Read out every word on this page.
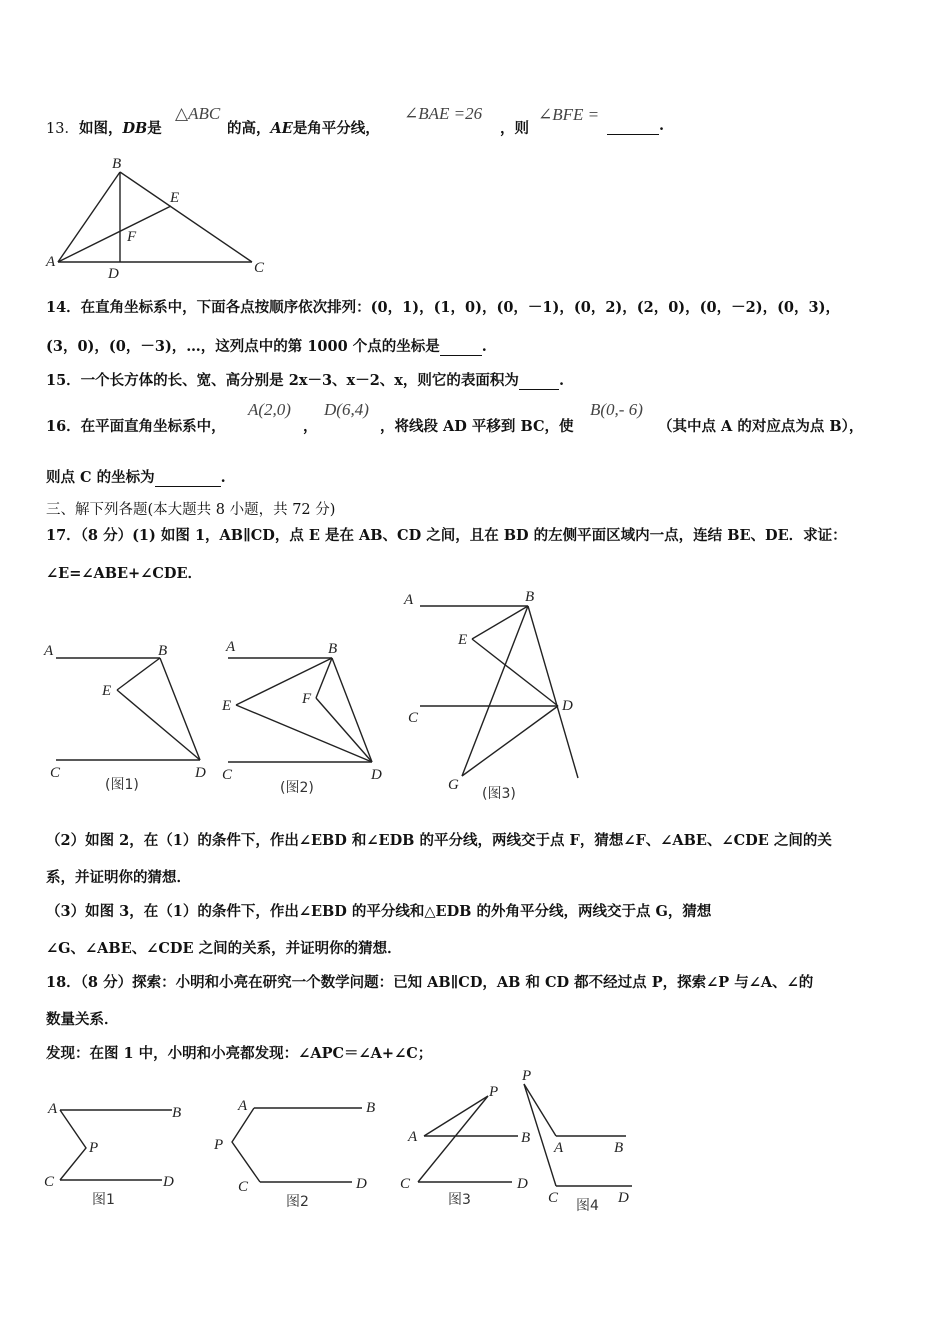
13．如图，DB是
△ABC
的高，AE是角平分线，
∠BAE =26
，则
∠BFE =
.
B
E
F
A
D	C
14．在直角坐标系中，下面各点按顺序依次排列：(0，1)，(1，0)，(0，－1)，(0，2)，(2，0)，(0，－2)，(0，3)，
(3，0)，(0，－3)，…，这列点中的第 1000 个点的坐标是	.
15．一个长方体的长、宽、高分别是 2x－3、x－2、x，则它的表面积为	.
16．在平面直角坐标系中，
A(2,0)
，
D(6,4)
，将线段 AD 平移到 BC，使
B(0,- 6)
（其中点 A 的对应点为点 B），
则点 C 的坐标为	.
三、解下列各题(本大题共 8 小题，共 72 分)
17．（8 分）(1) 如图 1，AB∥CD，点 E 是在 AB、CD 之间，且在 BD 的左侧平面区域内一点，连结 BE、DE．求证：
∠E=∠ABE+∠CDE．
A	B
E
C	D
(图1)
A	B
E	F
C	D
(图2)
A	B
E
C
D
G
(图3)
（2）如图 2，在（1）的条件下，作出∠EBD 和∠EDB 的平分线，两线交于点 F，猜想∠F、∠ABE、∠CDE 之间的关
系，并证明你的猜想．
（3）如图 3，在（1）的条件下，作出∠EBD 的平分线和△EDB 的外角平分线，两线交于点 G，猜想
∠G、∠ABE、∠CDE 之间的关系，并证明你的猜想．
18．（8 分）探索：小明和小亮在研究一个数学问题：已知 AB∥CD，AB 和 CD 都不经过点 P，探索∠P 与∠A、∠的
数量关系．
发现：在图 1 中，小明和小亮都发现：∠APC＝∠A+∠C；
A	B
P
C	D
图1
A	B
P
C	D
图2
P
A	B
C	D
图3
P
A	B
C	D
图4
